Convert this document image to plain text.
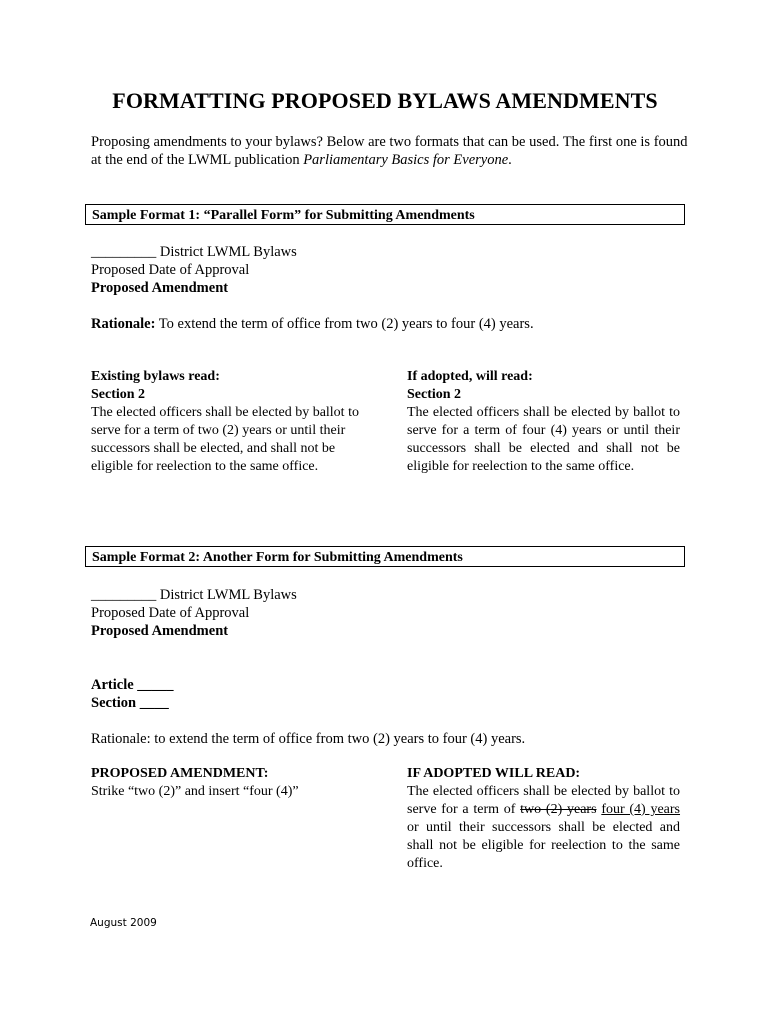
FORMATTING PROPOSED BYLAWS AMENDMENTS
Proposing amendments to your bylaws? Below are two formats that can be used. The first one is found at the end of the LWML publication Parliamentary Basics for Everyone.
Sample Format 1: “Parallel Form” for Submitting Amendments
_________ District LWML Bylaws
Proposed Date of Approval
Proposed Amendment
Rationale: To extend the term of office from two (2) years to four (4) years.
Existing bylaws read:
Section 2
The elected officers shall be elected by ballot to serve for a term of two (2) years or until their successors shall be elected, and shall not be eligible for reelection to the same office.
If adopted, will read:
Section 2
The elected officers shall be elected by ballot to serve for a term of four (4) years or until their successors shall be elected and shall not be eligible for reelection to the same office.
Sample Format 2: Another Form for Submitting Amendments
_________ District LWML Bylaws
Proposed Date of Approval
Proposed Amendment
Article _____
Section ____
Rationale: to extend the term of office from two (2) years to four (4) years.
PROPOSED AMENDMENT:
Strike “two (2)” and insert “four (4)”
IF ADOPTED WILL READ:
The elected officers shall be elected by ballot to serve for a term of two (2) years four (4) years or until their successors shall be elected and shall not be eligible for reelection to the same office.
August 2009
